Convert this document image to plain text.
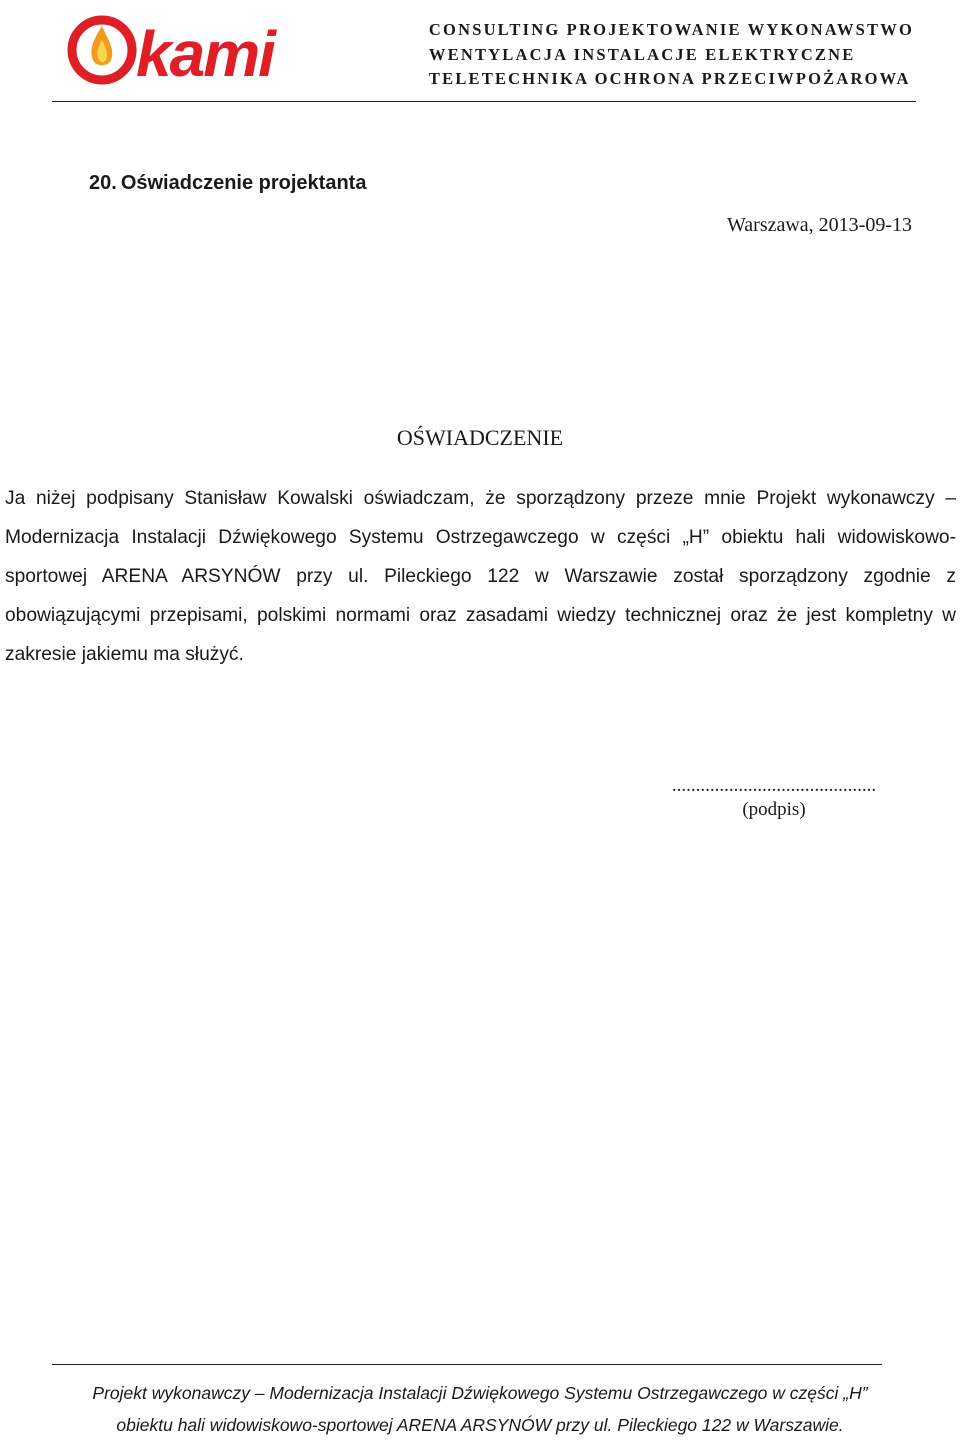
kami	CONSULTING PROJEKTOWANIE WYKONAWSTWO
WENTYLACJA INSTALACJE ELEKTRYCZNE
TELETECHNIKA OCHRONA PRZECIWPOŻAROWA
20. Oświadczenie projektanta
Warszawa, 2013-09-13
OŚWIADCZENIE

Ja niżej podpisany Stanisław Kowalski oświadczam, że sporządzony przeze mnie Projekt wykonawczy – Modernizacja Instalacji Dźwiękowego Systemu Ostrzegawczego w części „H” obiektu hali widowiskowo-sportowej ARENA ARSYNÓW przy ul. Pileckiego 122 w Warszawie został sporządzony zgodnie z obowiązującymi przepisami, polskimi normami oraz zasadami wiedzy technicznej oraz że jest kompletny w zakresie jakiemu ma służyć.

...........................................
(podpis)
Projekt wykonawczy – Modernizacja Instalacji Dźwiękowego Systemu Ostrzegawczego w części „H”
obiektu hali widowiskowo-sportowej ARENA ARSYNÓW przy ul. Pileckiego 122 w Warszawie.
